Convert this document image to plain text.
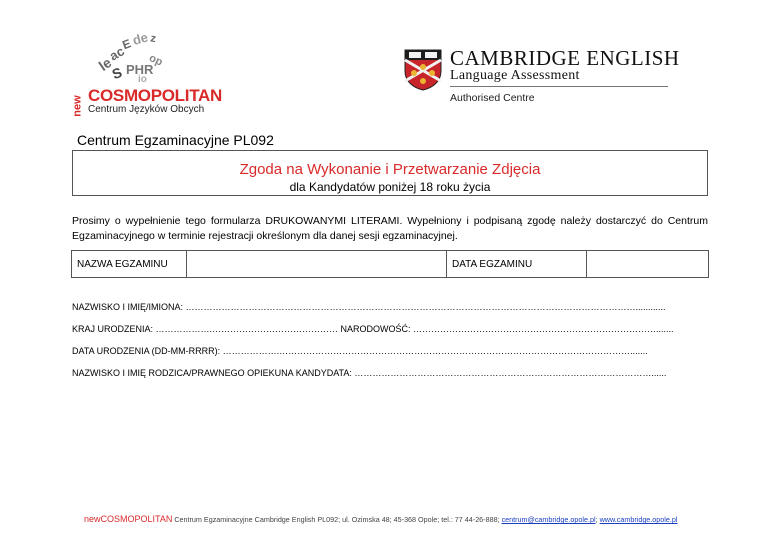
le
ac
E
de z
S PHR
op
io
new COSMOPOLITAN
Centrum Języków Obcych
CAMBRIDGE ENGLISH
Language Assessment
Authorised Centre
Centrum Egzaminacyjne PL092
Zgoda na Wykonanie i Przetwarzanie Zdjęcia
dla Kandydatów poniżej 18 roku życia
Prosimy o wypełnienie tego formularza DRUKOWANYMI LITERAMI. Wypełniony i podpisaną zgodę należy dostarczyć do Centrum Egzaminacyjnego w terminie rejestracji określonym dla danej sesji egzaminacyjnej.
NAZWA EGZAMINU	DATA EGZAMINU
NAZWISKO I IMIĘ/IMIONA: ……………………………………………………………………………………………………………………………………............
KRAJ URODZENIA: ……………….…………………………………… NARODOWOŚĆ: ……………………………………………………………………….......
DATA URODZENIA (DD-MM-RRRR): ……………….……………………………………………………………………………………………………….......
NAZWISKO I IMIĘ RODZICA/PRAWNEGO OPIEKUNA KANDYDATA: ………………………………………………………………………………………......
newCOSMOPOLITAN Centrum Egzaminacyjne Cambridge English PL092; ul. Ozimska 48; 45-368 Opole; tel.: 77 44-26-888; centrum@cambridge.opole.pl; www.cambridge.opole.pl
